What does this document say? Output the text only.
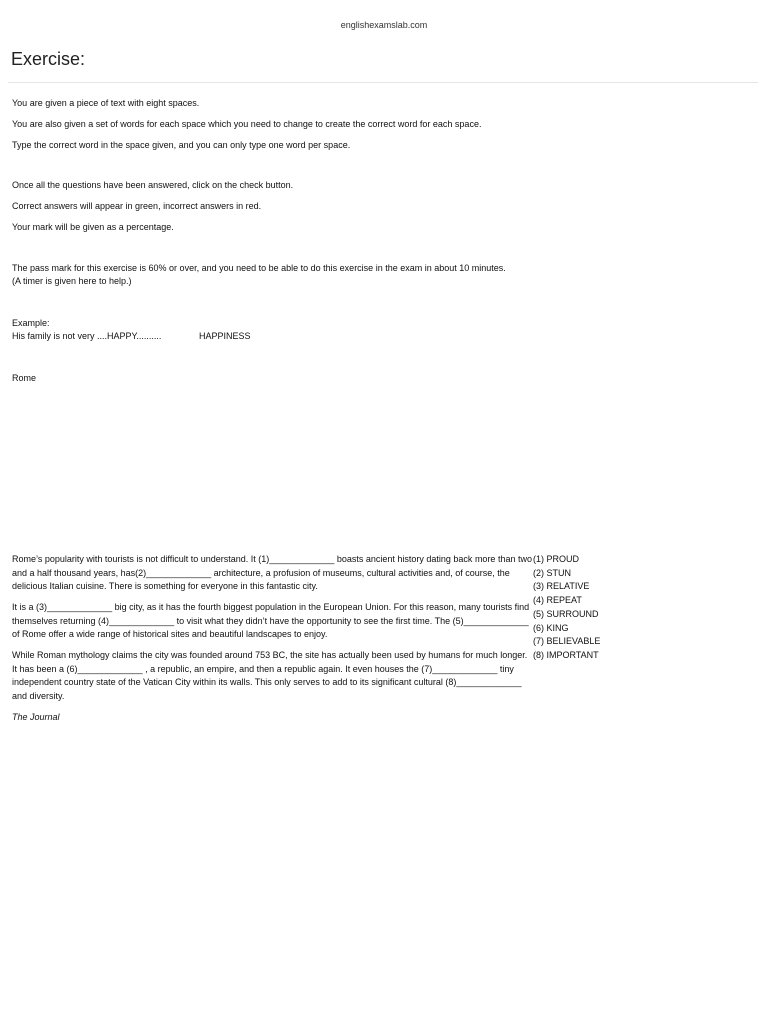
englishexamslab.com
Exercise:
You are given a piece of text with eight spaces.
You are also given a set of words for each space which you need to change to create the correct word for each space.
Type the correct word in the space given, and you can only type one word per space.
Once all the questions have been answered, click on the check button.
Correct answers will appear in green, incorrect answers in red.
Your mark will be given as a percentage.
The pass mark for this exercise is 60% or over, and you need to be able to do this exercise in the exam in about 10 minutes.
(A timer is given here to help.)
Example:
His family is not very ....HAPPY..........	HAPPINESS
Rome

Rome’s popularity with tourists is not difficult to understand. It (1)_____________ boasts ancient history dating back more than two and a half thousand years, has(2)_____________ architecture, a profusion of museums, cultural activities and, of course, the delicious Italian cuisine. There is something for everyone in this fantastic city.

It is a (3)_____________ big city, as it has the fourth biggest population in the European Union. For this reason, many tourists find themselves returning (4)_____________ to visit what they didn’t have the opportunity to see the first time. The (5)_____________ of Rome offer a wide range of historical sites and beautiful landscapes to enjoy.

While Roman mythology claims the city was founded around 753 BC, the site has actually been used by humans for much longer. It has been a (6)_____________ , a republic, an empire, and then a republic again. It even houses the (7)_____________ tiny independent country state of the Vatican City within its walls. This only serves to add to its significant cultural (8)_____________ and diversity.

(1) PROUD
(2) STUN
(3) RELATIVE
(4) REPEAT
(5) SURROUND
(6) KING
(7) BELIEVABLE
(8) IMPORTANT
The Journal
